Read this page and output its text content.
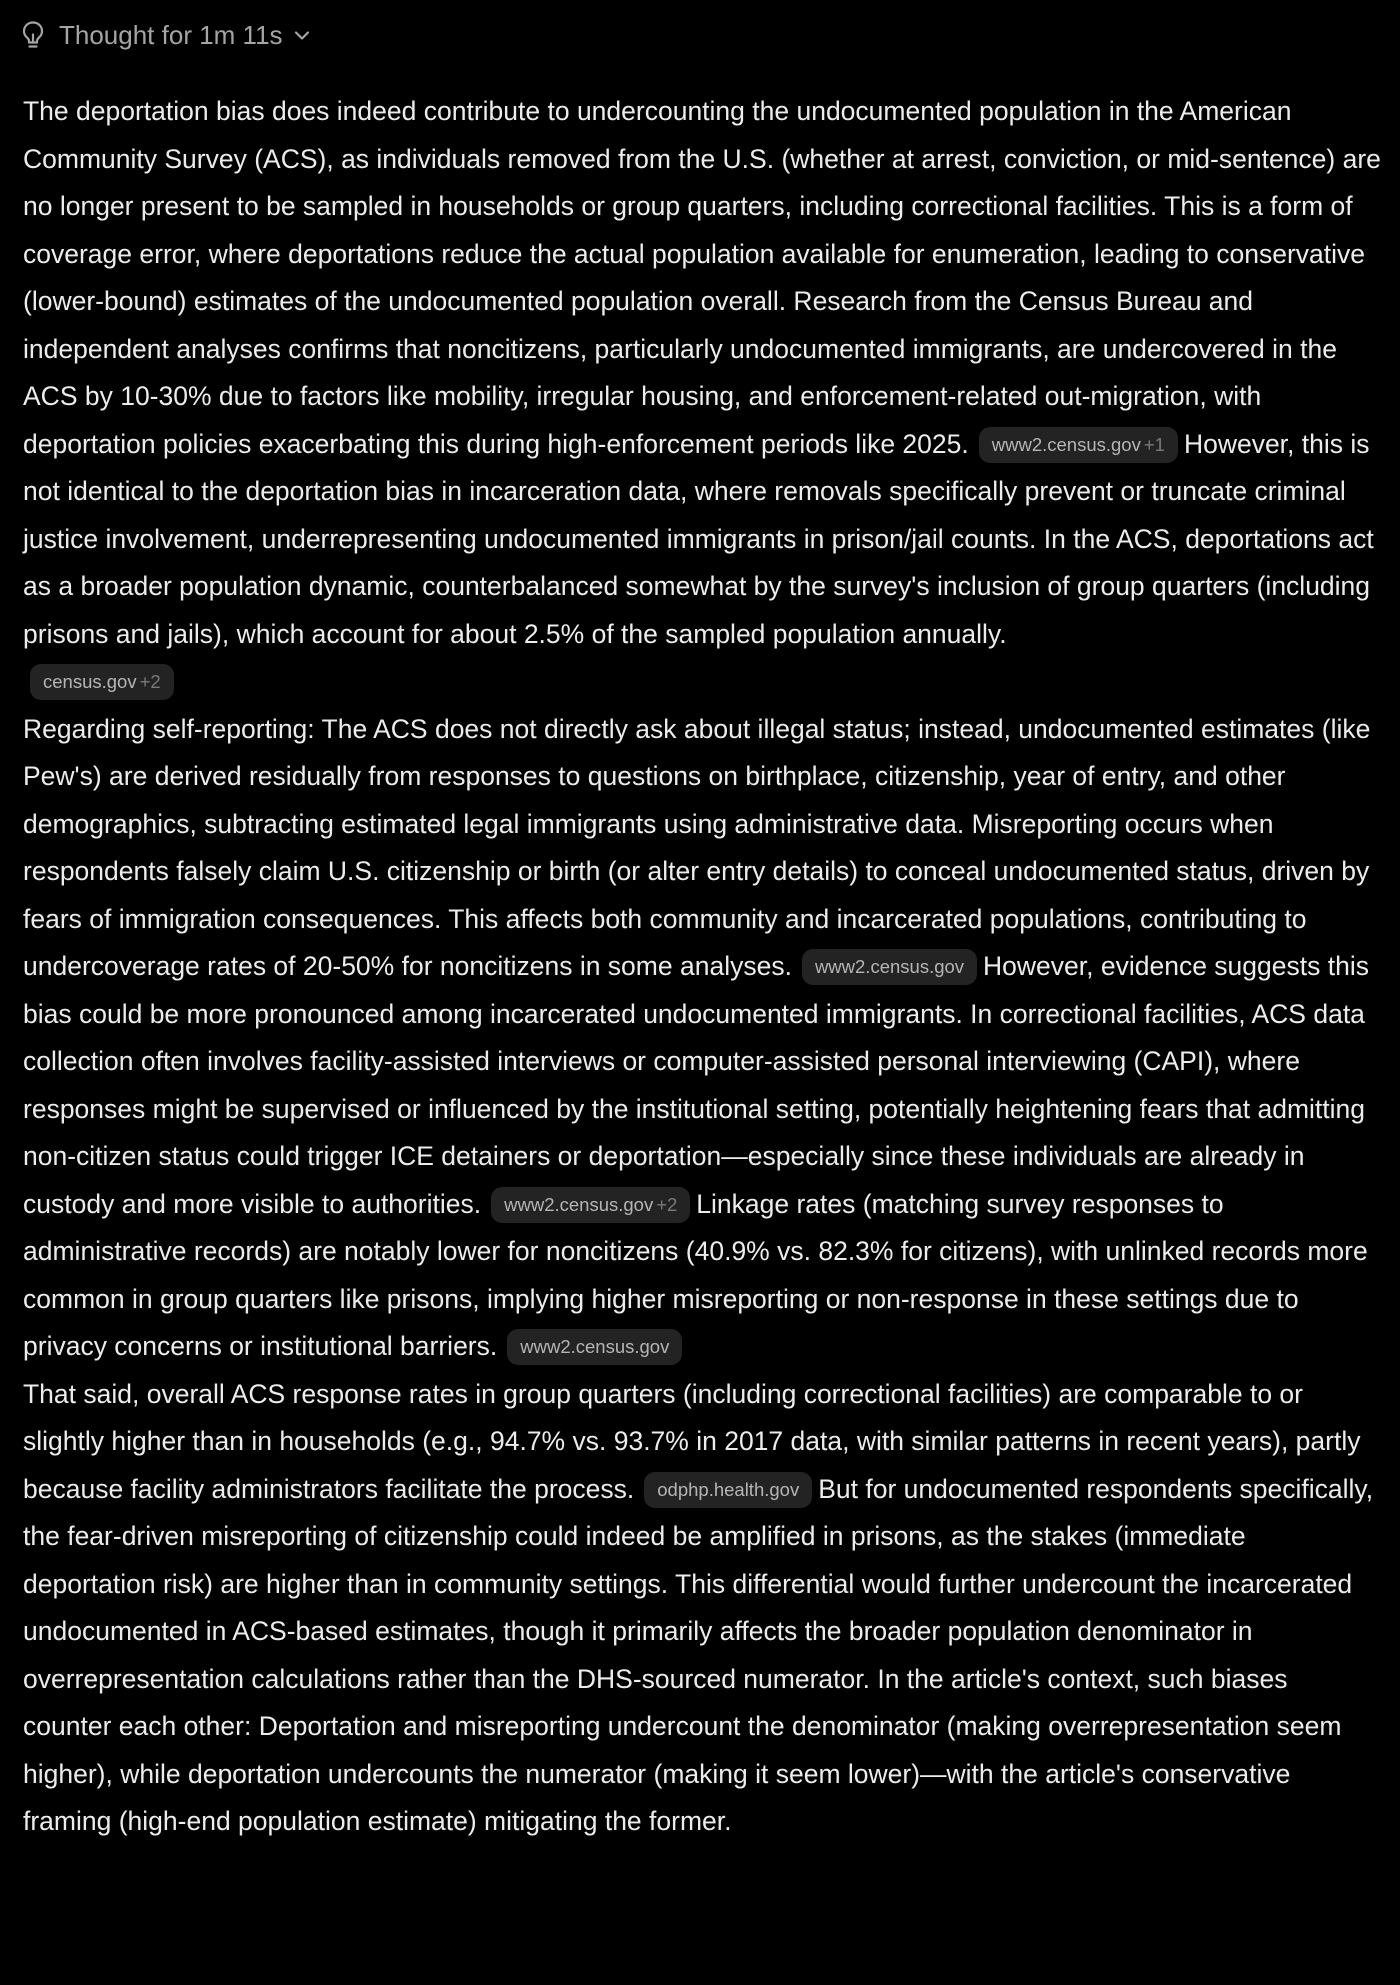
Thought for 1m 11s

The deportation bias does indeed contribute to undercounting the undocumented population in the American Community Survey (ACS), as individuals removed from the U.S. (whether at arrest, conviction, or mid-sentence) are no longer present to be sampled in households or group quarters, including correctional facilities. This is a form of coverage error, where deportations reduce the actual population available for enumeration, leading to conservative (lower-bound) estimates of the undocumented population overall. Research from the Census Bureau and independent analyses confirms that noncitizens, particularly undocumented immigrants, are undercovered in the ACS by 10-30% due to factors like mobility, irregular housing, and enforcement-related out-migration, with deportation policies exacerbating this during high-enforcement periods like 2025. www2.census.gov +1 However, this is not identical to the deportation bias in incarceration data, where removals specifically prevent or truncate criminal justice involvement, underrepresenting undocumented immigrants in prison/jail counts. In the ACS, deportations act as a broader population dynamic, counterbalanced somewhat by the survey's inclusion of group quarters (including prisons and jails), which account for about 2.5% of the sampled population annually.
census.gov +2

Regarding self-reporting: The ACS does not directly ask about illegal status; instead, undocumented estimates (like Pew's) are derived residually from responses to questions on birthplace, citizenship, year of entry, and other demographics, subtracting estimated legal immigrants using administrative data. Misreporting occurs when respondents falsely claim U.S. citizenship or birth (or alter entry details) to conceal undocumented status, driven by fears of immigration consequences. This affects both community and incarcerated populations, contributing to undercoverage rates of 20-50% for noncitizens in some analyses. www2.census.gov However, evidence suggests this bias could be more pronounced among incarcerated undocumented immigrants. In correctional facilities, ACS data collection often involves facility-assisted interviews or computer-assisted personal interviewing (CAPI), where responses might be supervised or influenced by the institutional setting, potentially heightening fears that admitting non-citizen status could trigger ICE detainers or deportation—especially since these individuals are already in custody and more visible to authorities. www2.census.gov +2 Linkage rates (matching survey responses to administrative records) are notably lower for noncitizens (40.9% vs. 82.3% for citizens), with unlinked records more common in group quarters like prisons, implying higher misreporting or non-response in these settings due to privacy concerns or institutional barriers. www2.census.gov

That said, overall ACS response rates in group quarters (including correctional facilities) are comparable to or slightly higher than in households (e.g., 94.7% vs. 93.7% in 2017 data, with similar patterns in recent years), partly because facility administrators facilitate the process. odphp.health.gov But for undocumented respondents specifically, the fear-driven misreporting of citizenship could indeed be amplified in prisons, as the stakes (immediate deportation risk) are higher than in community settings. This differential would further undercount the incarcerated undocumented in ACS-based estimates, though it primarily affects the broader population denominator in overrepresentation calculations rather than the DHS-sourced numerator. In the article's context, such biases counter each other: Deportation and misreporting undercount the denominator (making overrepresentation seem higher), while deportation undercounts the numerator (making it seem lower)—with the article's conservative framing (high-end population estimate) mitigating the former.
